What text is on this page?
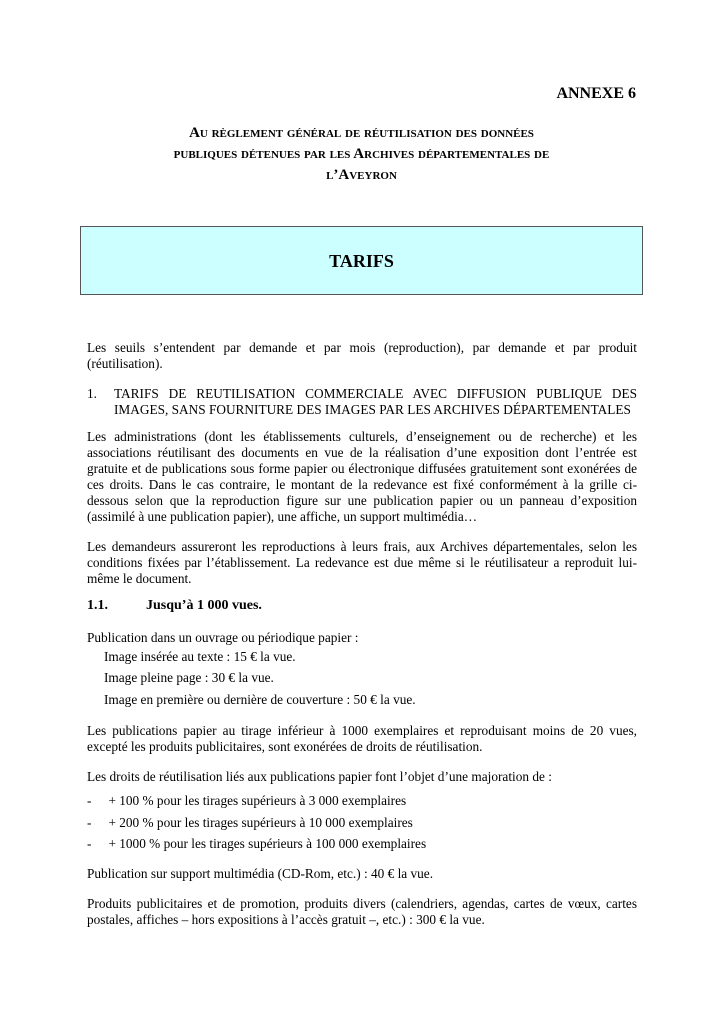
ANNEXE 6
Au règlement général de réutilisation des données
publiques détenues par les Archives départementales de
l’Aveyron
TARIFS
Les seuils s’entendent par demande et par mois (reproduction), par demande et par produit (réutilisation).
1. TARIFS DE REUTILISATION COMMERCIALE AVEC DIFFUSION PUBLIQUE DES IMAGES, SANS FOURNITURE DES IMAGES PAR LES ARCHIVES DÉPARTEMENTALES
Les administrations (dont les établissements culturels, d’enseignement ou de recherche) et les associations réutilisant des documents en vue de la réalisation d’une exposition dont l’entrée est gratuite et de publications sous forme papier ou électronique diffusées gratuitement sont exonérées de ces droits. Dans le cas contraire, le montant de la redevance est fixé conformément à la grille ci-dessous selon que la reproduction figure sur une publication papier ou un panneau d’exposition (assimilé à une publication papier), une affiche, un support multimédia…
Les demandeurs assureront les reproductions à leurs frais, aux Archives départementales, selon les conditions fixées par l’établissement. La redevance est due même si le réutilisateur a reproduit lui-même le document.
1.1.	Jusqu’à 1 000 vues.
Publication dans un ouvrage ou périodique papier :
Image insérée au texte : 15 € la vue.
Image pleine page : 30 € la vue.
Image en première ou dernière de couverture : 50 € la vue.
Les publications papier au tirage inférieur à 1000 exemplaires et reproduisant moins de 20 vues, excepté les produits publicitaires, sont exonérées de droits de réutilisation.
Les droits de réutilisation liés aux publications papier font l’objet d’une majoration de :
- + 100 % pour les tirages supérieurs à 3 000 exemplaires
- + 200 % pour les tirages supérieurs à 10 000 exemplaires
- + 1000 % pour les tirages supérieurs à 100 000 exemplaires
Publication sur support multimédia (CD-Rom, etc.) : 40 € la vue.
Produits publicitaires et de promotion, produits divers (calendriers, agendas, cartes de vœux, cartes postales, affiches – hors expositions à l’accès gratuit –, etc.) : 300 € la vue.
